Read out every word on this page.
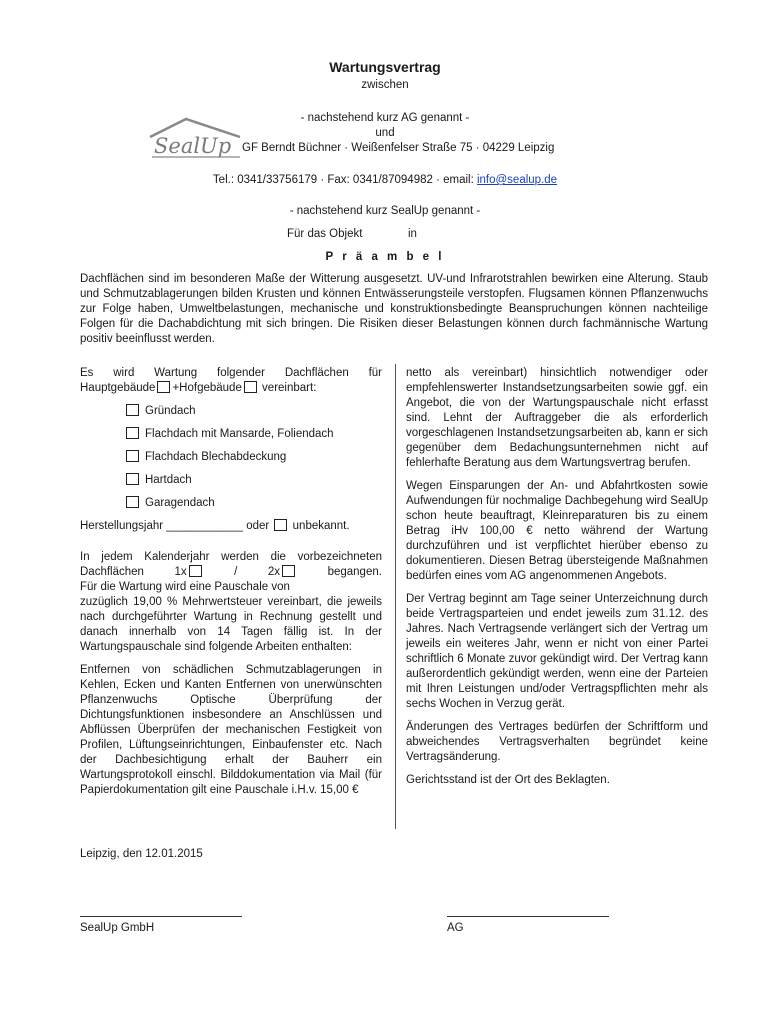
Wartungsvertrag
zwischen
- nachstehend kurz AG genannt -
und
SealUp GF Berndt Büchner · Weißenfelser Straße 75 · 04229 Leipzig
Tel.: 0341/33756179 · Fax: 0341/87094982 · email: info@sealup.de
- nachstehend kurz SealUp genannt -
Für das Objekt	in
P r ä a m b e l
Dachflächen sind im besonderen Maße der Witterung ausgesetzt. UV-und Infrarotstrahlen bewirken eine Alterung. Staub und Schmutzablagerungen bilden Krusten und können Entwässerungsteile verstopfen. Flugsamen können Pflanzenwuchs zur Folge haben, Umweltbelastungen, mechanische und konstruktionsbedingte Beanspruchungen können nachteilige Folgen für die Dachabdichtung mit sich bringen. Die Risiken dieser Belastungen können durch fachmännische Wartung positiv beeinflusst werden.
Es wird Wartung folgender Dachflächen für
Hauptgebäude +Hofgebäude vereinbart:
Gründach
Flachdach mit Mansarde, Foliendach
Flachdach Blechabdeckung
Hartdach
Garagendach
Herstellungsjahr ____________ oder  unbekannt.
In jedem Kalenderjahr werden die vorbezeichneten
Dachflächen	1x	/	2x	begangen.
Für die Wartung wird eine Pauschale von
zuzüglich 19,00 % Mehrwertsteuer vereinbart, die jeweils nach durchgeführter Wartung in Rechnung gestellt und danach innerhalb von 14 Tagen fällig ist. In der Wartungspauschale sind folgende Arbeiten enthalten:
Entfernen von schädlichen Schmutzablagerungen in Kehlen, Ecken und Kanten Entfernen von unerwünschten Pflanzenwuchs Optische Überprüfung der Dichtungsfunktionen insbesondere an Anschlüssen und Abflüssen Überprüfen der mechanischen Festigkeit von Profilen, Lüftungseinrichtungen, Einbaufenster etc. Nach der Dachbesichtigung erhalt der Bauherr ein Wartungsprotokoll einschl. Bilddokumentation via Mail (für Papierdokumentation gilt eine Pauschale i.H.v. 15,00 €
netto als vereinbart) hinsichtlich notwendiger oder empfehlenswerter Instandsetzungsarbeiten sowie ggf. ein Angebot, die von der Wartungspauschale nicht erfasst sind. Lehnt der Auftraggeber die als erforderlich vorgeschlagenen Instandsetzungsarbeiten ab, kann er sich gegenüber dem Bedachungsunternehmen nicht auf fehlerhafte Beratung aus dem Wartungsvertrag berufen.
Wegen Einsparungen der An- und Abfahrtkosten sowie Aufwendungen für nochmalige Dachbegehung wird SealUp schon heute beauftragt, Kleinreparaturen bis zu einem Betrag iHv 100,00 € netto während der Wartung durchzuführen und ist verpflichtet hierüber ebenso zu dokumentieren. Diesen Betrag übersteigende Maßnahmen bedürfen eines vom AG angenommenen Angebots.
Der Vertrag beginnt am Tage seiner Unterzeichnung durch beide Vertragsparteien und endet jeweils zum 31.12. des Jahres. Nach Vertragsende verlängert sich der Vertrag um jeweils ein weiteres Jahr, wenn er nicht von einer Partei schriftlich 6 Monate zuvor gekündigt wird. Der Vertrag kann außerordentlich gekündigt werden, wenn eine der Parteien mit Ihren Leistungen und/oder Vertragspflichten mehr als sechs Wochen in Verzug gerät.
Änderungen des Vertrages bedürfen der Schriftform und abweichendes Vertragsverhalten begründet keine Vertragsänderung.
Gerichtsstand ist der Ort des Beklagten.
Leipzig, den 12.01.2015
SealUp GmbH	AG
